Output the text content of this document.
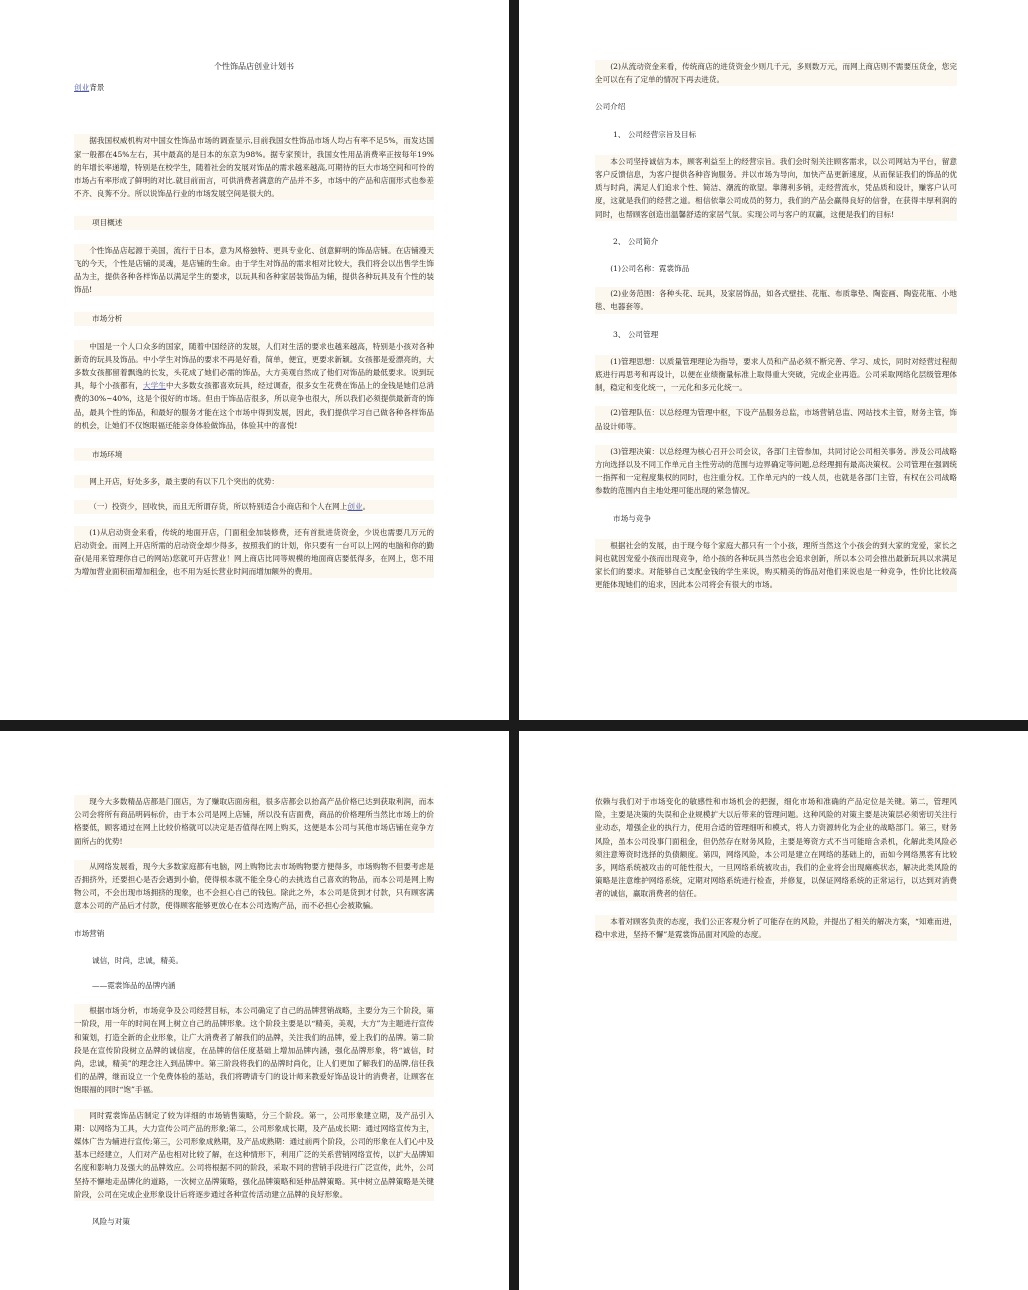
个性饰品店创业计划书
创业背景
据我国权威机构对中国女性饰品市场的调查显示,目前我国女性饰品市场人均占有率不足5%，而发达国家一般都在45%左右，其中最高的是日本的东京为98%。据专家预计，我国女性用品消费率正按每年19%的年增长率递增，特别是在校学生，随着社会的发展对饰品的需求越来越高,可期待的巨大市场空间和可怜的市场占有率形成了鲜明的对比.就目前而言，可供消费者满意的产品并不多，市场中的产品和店面形式也参差不齐、良莠不分。所以说饰品行业的市场发展空间是很大的。
项目概述
个性饰品店起源于美国，流行于日本，意为风格独特、更具专业化、创意鲜明的饰品店铺。在店铺漫天飞的今天，个性是店铺的灵魂，是店铺的生命。由于学生对饰品的需求相对比较大，我们将会以出售学生饰品为主，提供各种各样饰品以满足学生的要求，以玩具和各种家居装饰品为辅，提供各种玩具及有个性的装饰品!
市场分析
中国是一个人口众多的国家，随着中国经济的发展，人们对生活的要求也越来越高，特别是小孩对各种新奇的玩具及饰品。中小学生对饰品的要求不再是好看，简单，便宜，更要求新颖。女孩都是爱漂亮的，大多数女孩都留着飘逸的长发，头花成了她们必需的饰品，大方美观自然成了他们对饰品的最低要求。说到玩具，每个小孩都有，大学生中大多数女孩都喜欢玩具，经过调查，很多女生花费在饰品上的金钱是她们总消费的30%~40%，这是个很好的市场。但由于饰品店很多，所以竞争也很大，所以我们必须提供最新奇的饰品，最具个性的饰品，和最好的服务才能在这个市场中得到发展，因此，我们提供学习自己做各种各样饰品的机会，让她们不仅饱眼福还能亲身体验做饰品，体验其中的喜悦!
市场环境
网上开店，好处多多，最主要的有以下几个突出的优势：
（一）投资少，回收快，而且无所谓存货，所以特别适合小商店和个人在网上创业。
(1)从启动资金来看，传统的地面开店，门面租金加装修费，还有首批进货资金，少说也需要几万元的启动资金。而网上开店所需的启动资金却少得多，按照我们的计划，你只要有一台可以上网的电脑和你的勤奋(是用来管理你自己的网站)您就可开店营业！网上商店比同等规模的地面商店要低得多，在网上，您不用为增加营业面积而增加租金，也不用为延长营业时间而增加额外的费用。
(2)从流动资金来看，传统商店的进货资金少则几千元，多则数万元，而网上商店则不需要压货金，您完全可以在有了定单的情况下再去进货。
公司介绍
1、 公司经营宗旨及目标
本公司坚持诚信为本，顾客利益至上的经营宗旨。我们会时刻关注顾客需求，以公司网站为平台，留意客户反馈信息，为客户提供各种咨询服务。并以市场为导向，加快产品更新速度，从而保证我们的饰品的优质与时尚，满足人们追求个性、简洁、潮流的欲望。靠薄利多销，走经营流水，凭品质和设计，赚客户认可度，这就是我们的经营之道。相信依靠公司成员的努力，我们的产品会赢得良好的信誉，在获得丰厚利润的同时，也帮顾客创造出温馨舒适的家居气氛。实现公司与客户的双赢，这便是我们的目标!
2、 公司简介
(1)公司名称：霓裳饰品
(2)业务范围：各种头花、玩具，及家居饰品，如各式壁挂、花瓶、布质靠垫、陶瓷画、陶瓷花瓶、小地毯、电器套等。
3、 公司管理
(1)管理思想：以质量管理理论为指导，要求人员和产品必须不断完善、学习、成长，同时对经营过程彻底进行再思考和再设计，以便在业绩衡量标准上取得重大突破，完成企业再造。公司采取网络化层级管理体制，稳定和变化统一，一元化和多元化统一。
(2)管理队伍：以总经理为管理中枢，下设产品服务总监，市场营销总监、网站技术主管，财务主管，饰品设计师等。
(3)管理决策：以总经理为核心召开公司会议，各部门主管参加，共同讨论公司相关事务。涉及公司战略方向选择以及不同工作单元自主性劳动的范围与边界确定等问题,总经理拥有最高决策权。公司管理在强调统一指挥和一定程度集权的同时，也注重分权。工作单元内的一线人员，也就是各部门主管，有权在公司战略参数的范围内自主地处理可能出现的紧急情况。
市场与竞争
根据社会的发展，由于现今每个家庭大都只有一个小孩，理所当然这个小孩会的到大家的宠爱，家长之间也就因宠爱小孩而出现竞争，给小孩的各种玩具当然也会追求创新，所以本公司会推出最新玩具以求满足家长们的要求。对能够自己支配金钱的学生来说，购买精美的饰品对他们来说也是一种竞争，性价比比较高更能体现她们的追求，因此本公司将会有很大的市场。
现今大多数精品店都是门面店，为了赚取店面房租，很多店都会以抬高产品价格已达到获取利润，而本公司会将所有商品明码标价，由于本公司是网上店铺，所以没有店面费，商品的价格理所当然比市场上的价格要低，顾客通过在网上比较价格就可以决定是否值得在网上购买，这便是本公司与其他市场店铺在竞争方面所占的优势!
从网络发展看，现今大多数家庭都有电脑，网上购物比去市场购物要方便得多，市场购物不但要考虑是否拥挤外，还要担心是否会遇到小偷，使得根本就不能全身心的去挑选自己喜欢的物品，而本公司是网上购物公司，不会出现市场拥挤的现象，也不会担心自己的钱包。除此之外，本公司是货到才付款，只有顾客满意本公司的产品后才付款，使得顾客能够更放心在本公司选购产品，而不必担心会被欺骗。
市场营销
诚信，时尚，忠诚，精美。
——霓裳饰品的品牌内涵
根据市场分析，市场竞争及公司经营目标，本公司确定了自己的品牌营销战略，主要分为三个阶段，第一阶段，用一年的时间在网上树立自己的品牌形象。这个阶段主要是以“精美，美观，大方”为主题进行宣传和策划，打造全新的企业形象，让广大消费者了解我们的品牌，关注我们的品牌，爱上我们的品牌。第二阶段是在宣传阶段树立品牌的诚信度，在品牌的信任度基础上增加品牌内涵，强化品牌形象，将“诚信，时尚，忠诚，精美”的理念注入到品牌中。第三阶段将我们的品牌时尚化，让人们更加了解我们的品牌,信任我们的品牌，继而设立一个免费体验的基站，我们将聘请专门的设计师来教爱好饰品设计的消费者，让顾客在饱眼福的同时“饱”手福。
同时霓裳饰品店制定了较为详细的市场销售策略，分三个阶段。第一，公司形象建立期，及产品引入期：以网络为工具，大力宣传公司产品的形象;第二，公司形象成长期，及产品成长期：通过网络宣传为主，媒体广告为辅进行宣传;第三，公司形象成熟期，及产品成熟期：通过前两个阶段，公司的形象在人们心中及基本已经建立，人们对产品也相对比较了解，在这种情形下，利用广泛的关系营销网络宣传，以扩大品牌知名度和影响力及强大的品牌效应。公司将根据不同的阶段，采取不同的营销手段进行广泛宣传，此外，公司坚持不懈地走品牌化的道路，一次树立品牌策略，强化品牌策略和延伸品牌策略。其中树立品牌策略是关键阶段，公司在完成企业形象设计后将逐步通过各种宣传活动建立品牌的良好形象。
风险与对策
依赖与我们对于市场变化的敏感性和市场机会的把握，细化市场和准确的产品定位是关键。第二，管理风险，主要是决策的失误和企业规模扩大以后带来的管理问题。这种风险的对策主要是决策层必须密切关注行业动态，增强企业的执行力，使用合适的管理细听和模式，将人力资源转化为企业的战略部门。第三，财务风险，虽本公司没事门面租金，但仍然存在财务风险，主要是筹资方式不当可能暗含杀机，化解此类风险必须注意筹资时选择的负债额度。第四，网络风险，本公司是建立在网络的基础上的，而如今网络黑客有比较多，网络系统被攻击的可能性很大，一旦网络系统被攻击，我们的企业将会出现瘫痪状态，解决此类风险的策略是注意维护网络系统，定期对网络系统进行检查，并修复，以保证网络系统的正常运行，以达到对消费者的诚信，赢取消费者的信任。
本着对顾客负责的态度，我们公正客观分析了可能存在的风险，并提出了相关的解决方案，“知难而进，稳中求进，坚持不懈”是霓裳饰品面对风险的态度。
